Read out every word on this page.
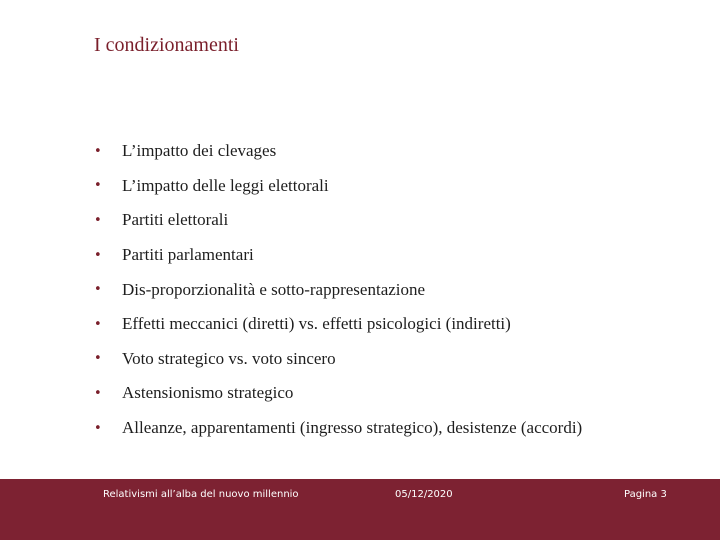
I condizionamenti
•	L’impatto dei clevages
•	L’impatto delle leggi elettorali
•	Partiti elettorali
•	Partiti parlamentari
•	Dis-proporzionalità e sotto-rappresentazione
•	Effetti meccanici (diretti) vs. effetti psicologici (indiretti)
•	Voto strategico vs. voto sincero
•	Astensionismo strategico
•	Alleanze, apparentamenti (ingresso strategico), desistenze (accordi)
Relativismi all’alba del nuovo millennio	05/12/2020	Pagina 3
